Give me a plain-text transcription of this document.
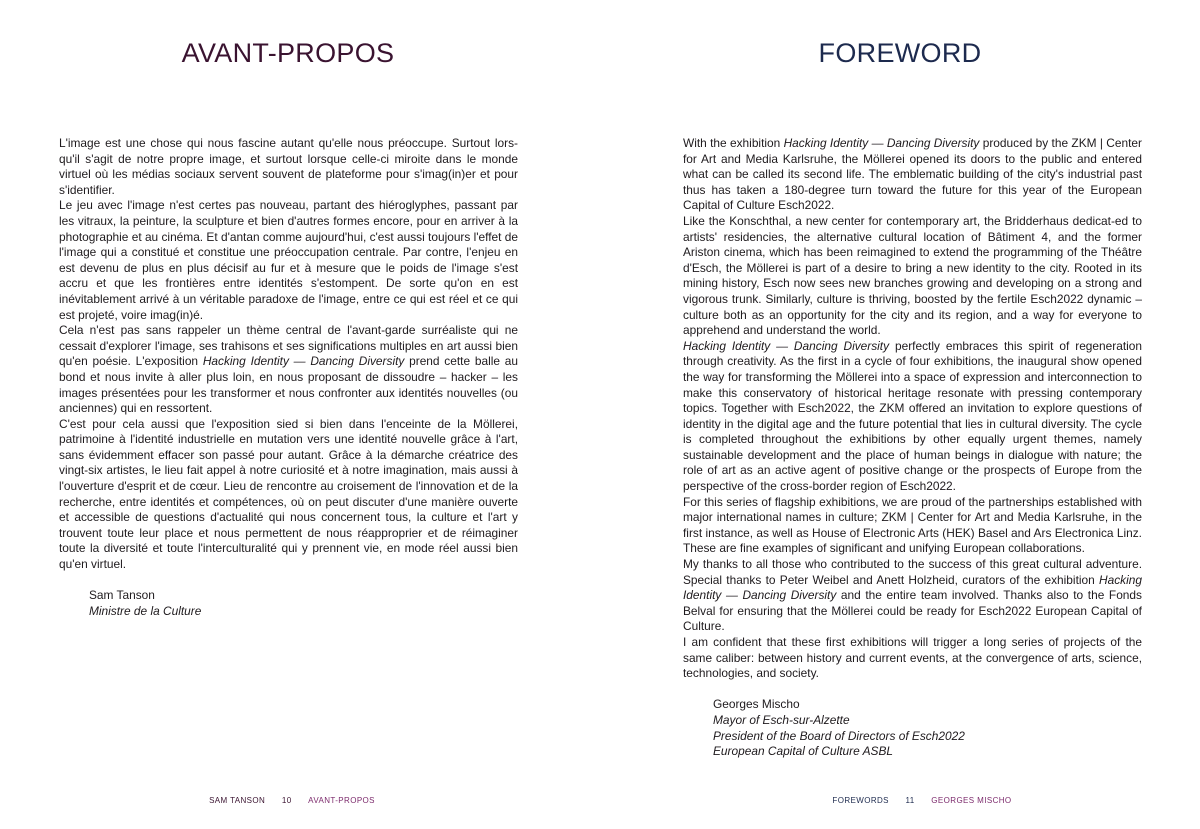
AVANT-PROPOS

L'image est une chose qui nous fascine autant qu'elle nous préoccupe. Surtout lors-qu'il s'agit de notre propre image, et surtout lorsque celle-ci miroite dans le monde virtuel où les médias sociaux servent souvent de plateforme pour s'imag(in)er et pour s'identifier.

Le jeu avec l'image n'est certes pas nouveau, partant des hiéroglyphes, passant par les vitraux, la peinture, la sculpture et bien d'autres formes encore, pour en arriver à la photographie et au cinéma. Et d'antan comme aujourd'hui, c'est aussi toujours l'effet de l'image qui a constitué et constitue une préoccupation centrale. Par contre, l'enjeu en est devenu de plus en plus décisif au fur et à mesure que le poids de l'image s'est accru et que les frontières entre identités s'estompent. De sorte qu'on en est inévitablement arrivé à un véritable paradoxe de l'image, entre ce qui est réel et ce qui est projeté, voire imag(in)é.

Cela n'est pas sans rappeler un thème central de l'avant-garde surréaliste qui ne cessait d'explorer l'image, ses trahisons et ses significations multiples en art aussi bien qu'en poésie. L'exposition Hacking Identity — Dancing Diversity prend cette balle au bond et nous invite à aller plus loin, en nous proposant de dissoudre – hacker – les images présentées pour les transformer et nous confronter aux identités nouvelles (ou anciennes) qui en ressortent.

C'est pour cela aussi que l'exposition sied si bien dans l'enceinte de la Möllerei, patrimoine à l'identité industrielle en mutation vers une identité nouvelle grâce à l'art, sans évidemment effacer son passé pour autant. Grâce à la démarche créatrice des vingt-six artistes, le lieu fait appel à notre curiosité et à notre imagination, mais aussi à l'ouverture d'esprit et de cœur. Lieu de rencontre au croisement de l'innovation et de la recherche, entre identités et compétences, où on peut discuter d'une manière ouverte et accessible de questions d'actualité qui nous concernent tous, la culture et l'art y trouvent toute leur place et nous permettent de nous réapproprier et de réimaginer toute la diversité et toute l'interculturalité qui y prennent vie, en mode réel aussi bien qu'en virtuel.

Sam Tanson
Ministre de la Culture
SAM TANSON 10 AVANT-PROPOS
FOREWORD

With the exhibition Hacking Identity — Dancing Diversity produced by the ZKM | Center for Art and Media Karlsruhe, the Möllerei opened its doors to the public and entered what can be called its second life. The emblematic building of the city's industrial past thus has taken a 180-degree turn toward the future for this year of the European Capital of Culture Esch2022.

Like the Konschthal, a new center for contemporary art, the Bridderhaus dedicat-ed to artists' residencies, the alternative cultural location of Bâtiment 4, and the former Ariston cinema, which has been reimagined to extend the programming of the Théâtre d'Esch, the Möllerei is part of a desire to bring a new identity to the city. Rooted in its mining history, Esch now sees new branches growing and developing on a strong and vigorous trunk. Similarly, culture is thriving, boosted by the fertile Esch2022 dynamic – culture both as an opportunity for the city and its region, and a way for everyone to apprehend and understand the world.

Hacking Identity — Dancing Diversity perfectly embraces this spirit of regeneration through creativity. As the first in a cycle of four exhibitions, the inaugural show opened the way for transforming the Möllerei into a space of expression and interconnection to make this conservatory of historical heritage resonate with pressing contemporary topics. Together with Esch2022, the ZKM offered an invitation to explore questions of identity in the digital age and the future potential that lies in cultural diversity. The cycle is completed throughout the exhibitions by other equally urgent themes, namely sustainable development and the place of human beings in dialogue with nature; the role of art as an active agent of positive change or the prospects of Europe from the perspective of the cross-border region of Esch2022.

For this series of flagship exhibitions, we are proud of the partnerships established with major international names in culture; ZKM | Center for Art and Media Karlsruhe, in the first instance, as well as House of Electronic Arts (HEK) Basel and Ars Electronica Linz. These are fine examples of significant and unifying European collaborations.

My thanks to all those who contributed to the success of this great cultural adventure. Special thanks to Peter Weibel and Anett Holzheid, curators of the exhibition Hacking Identity — Dancing Diversity and the entire team involved. Thanks also to the Fonds Belval for ensuring that the Möllerei could be ready for Esch2022 European Capital of Culture.

I am confident that these first exhibitions will trigger a long series of projects of the same caliber: between history and current events, at the convergence of arts, science, technologies, and society.

Georges Mischo
Mayor of Esch-sur-Alzette
President of the Board of Directors of Esch2022
European Capital of Culture ASBL
FOREWORDS 11 GEORGES MISCHO
